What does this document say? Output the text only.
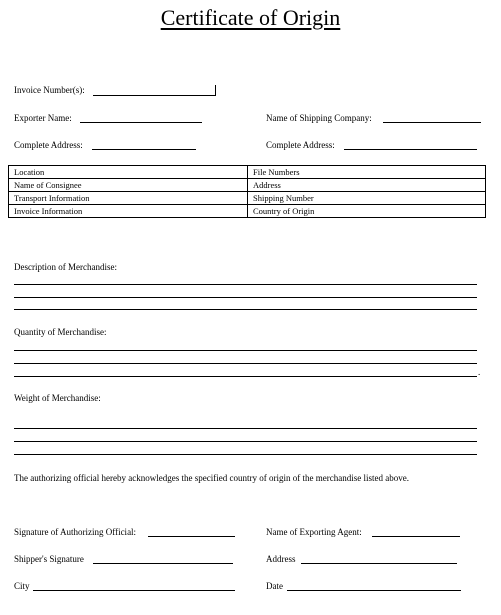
Certificate of Origin
Invoice Number(s):
Exporter Name:	Name of Shipping Company:
Complete Address:	Complete Address:
Location	File Numbers
Name of Consignee	Address
Transport Information	Shipping Number
Invoice Information	Country of Origin
Description of Merchandise:
Quantity of Merchandise:
.
Weight of Merchandise:
The authorizing official hereby acknowledges the specified country of origin of the merchandise listed above.
Signature of Authorizing Official:	Name of Exporting Agent:
Shipper's Signature	Address
City	Date
